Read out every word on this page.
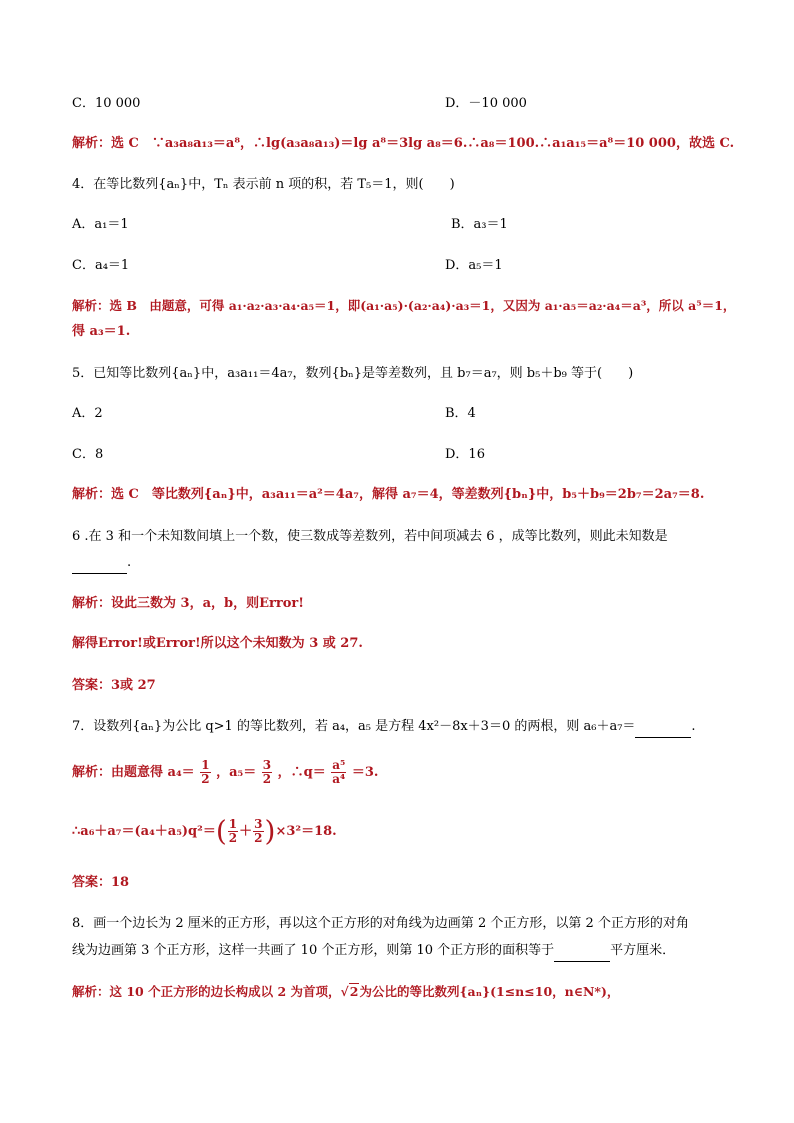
C．10 000	D．－10 000
解析：选 C　∵a₃a₈a₁₃＝a⁸，∴lg(a₃a₈a₁₃)＝lg a⁸＝3lg a₈＝6.∴a₈＝100.∴a₁a₁₅＝a⁸＝10 000，故选 C.
4．在等比数列{aₙ}中，Tₙ 表示前 n 项的积，若 T₅＝1，则(　　)
A．a₁＝1	B．a₃＝1
C．a₄＝1	D．a₅＝1
解析：选 B　由题意，可得 a₁·a₂·a₃·a₄·a₅＝1，即(a₁·a₅)·(a₂·a₄)·a₃＝1，又因为 a₁·a₅＝a₂·a₄＝a³，所以 a⁵＝1，
得 a₃＝1.
5．已知等比数列{aₙ}中，a₃a₁₁＝4a₇，数列{bₙ}是等差数列，且 b₇＝a₇，则 b₅＋b₉ 等于(　　)
A．2	B．4
C．8	D．16
解析：选 C　等比数列{aₙ}中，a₃a₁₁＝a²＝4a₇，解得 a₇＝4，等差数列{bₙ}中，b₅＋b₉＝2b₇＝2a₇＝8.
6 .在 3 和一个未知数间填上一个数，使三数成等差数列，若中间项减去 6 ，成等比数列，则此未知数是
.
解析：设此三数为 3，a，b，则Error!
解得Error!或Error!所以这个未知数为 3 或 27.
答案：3或 27
7．设数列{aₙ}为公比 q>1 的等比数列，若 a₄，a₅ 是方程 4x²－8x＋3＝0 的两根，则 a₆＋a₇＝	.
解析：由题意得 $a_4= \frac{1}{2}$ ，$a_5= \frac{3}{2}$ ，∴q＝ $\frac{\text{a⁵}}{\text{a⁴}} =3$.
∴a₆＋a₇＝(a₄＋a₅)q²＝( $\frac{1}{2} + \frac{3}{2} )\times 3^2=18$.
答案：18
8．画一个边长为 2 厘米的正方形，再以这个正方形的对角线为边画第 2 个正方形，以第 2 个正方形的对角
线为边画第 3 个正方形，这样一共画了 10 个正方形，则第 10 个正方形的面积等于	平方厘米．
解析：这 10 个正方形的边长构成以 2 为首项，√2为公比的等比数列{aₙ}(1≤n≤10，n∈N*)，
